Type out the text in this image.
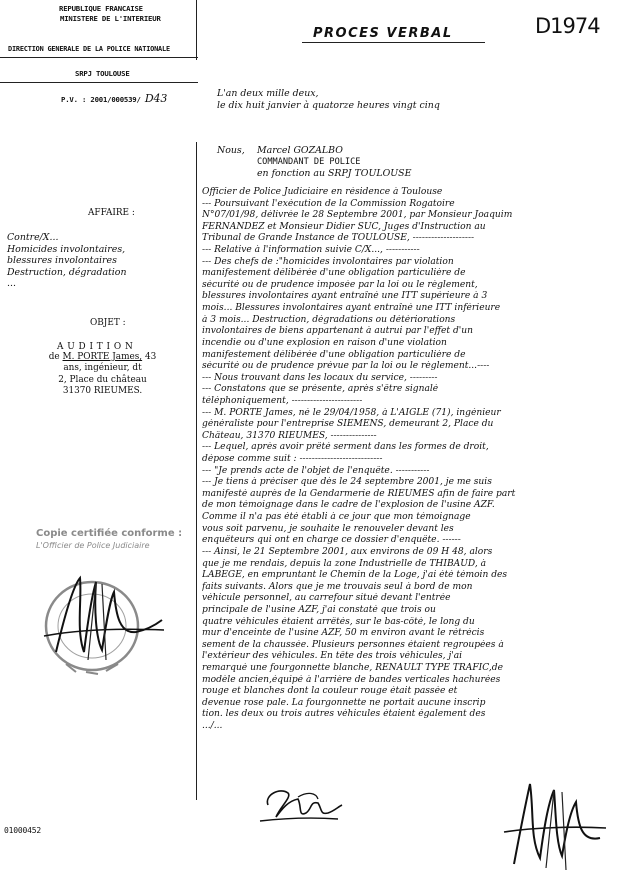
REPUBLIQUE FRANCAISE
MINISTERE DE L'INTERIEUR
DIRECTION GENERALE DE LA POLICE NATIONALE
SRPJ TOULOUSE
P.V. : 2001/000539/ D43
PROCES VERBAL	D1974
L'an deux mille deux,
le dix huit janvier à quatorze heures vingt cinq
Nous, Marcel GOZALBO
COMMANDANT DE POLICE
en fonction au SRPJ TOULOUSE
AFFAIRE :
Contre/X...
Homicides involontaires,
blessures involontaires
Destruction, dégradation
...
OBJET :
A U D I T I O N
de M. PORTE James, 43
ans, ingénieur, dt
2, Place du château
31370 RIEUMES.
Copie certifiée conforme :
L'Officier de Police Judiciaire
01000452
Officier de Police Judiciaire en résidence à Toulouse
--- Poursuivant l'exécution de la Commission Rogatoire
N°07/01/98, délivrée le 28 Septembre 2001, par Monsieur Joaquim
FERNANDEZ et Monsieur Didier SUC, Juges d'Instruction au
Tribunal de Grande Instance de TOULOUSE, --------------------
--- Relative à l'information suivie C/X..., -----------
--- Des chefs de :"homicides involontaires par violation
manifestement délibérée d'une obligation particulière de
sécurité ou de prudence imposée par la loi ou le règlement,
blessures involontaires ayant entraîné une ITT supérieure à 3
mois... Blessures involontaires ayant entraîné une ITT inférieure
à 3 mois... Destruction, dégradations ou détériorations
involontaires de biens appartenant à autrui par l'effet d'un
incendie ou d'une explosion en raison d'une violation
manifestement délibérée d'une obligation particulière de
sécurité ou de prudence prévue par la loi ou le règlement...----
--- Nous trouvant dans les locaux du service, ---------
--- Constatons que se présente, après s'être signalé
téléphoniquement, -----------------------
--- M. PORTE James, né le 29/04/1958, à L'AIGLE (71), ingénieur
généraliste pour l'entreprise SIEMENS, demeurant 2, Place du
Château, 31370 RIEUMES, ---------------
--- Lequel, après avoir prêté serment dans les formes de droit,
dépose comme suit : ---------------------------
--- "Je prends acte de l'objet de l'enquête. -----------
--- Je tiens à préciser que dès le 24 septembre 2001, je me suis
manifesté auprès de la Gendarmerie de RIEUMES afin de faire part
de mon témoignage dans le cadre de l'explosion de l'usine AZF.
Comme il n'a pas été établi à ce jour que mon témoignage
vous soit parvenu, je souhaite le renouveler devant les
enquêteurs qui ont en charge ce dossier d'enquête. ------
--- Ainsi, le 21 Septembre 2001, aux environs de 09 H 48, alors
que je me rendais, depuis la zone Industrielle de THIBAUD, à
LABEGE, en empruntant le Chemin de la Loge, j'ai été témoin des
faits suivants. Alors que je me trouvais seul à bord de mon
véhicule personnel, au carrefour situé devant l'entrée
principale de l'usine AZF, j'ai constaté que trois ou
quatre véhicules étaient arrêtés, sur le bas-côté, le long du
mur d'enceinte de l'usine AZF, 50 m environ avant le rétrécis
sement de la chaussée. Plusieurs personnes étaient regroupées à
l'extérieur des véhicules. En tête des trois véhicules, j'ai
remarqué une fourgonnette blanche, RENAULT TYPE TRAFIC,de
modèle ancien,équipé à l'arrière de bandes verticales hachurées
rouge et blanches dont la couleur rouge était passée et
devenue rose pale. La fourgonnette ne portait aucune inscrip
tion. les deux ou trois autres véhicules étaient également des
.../...
